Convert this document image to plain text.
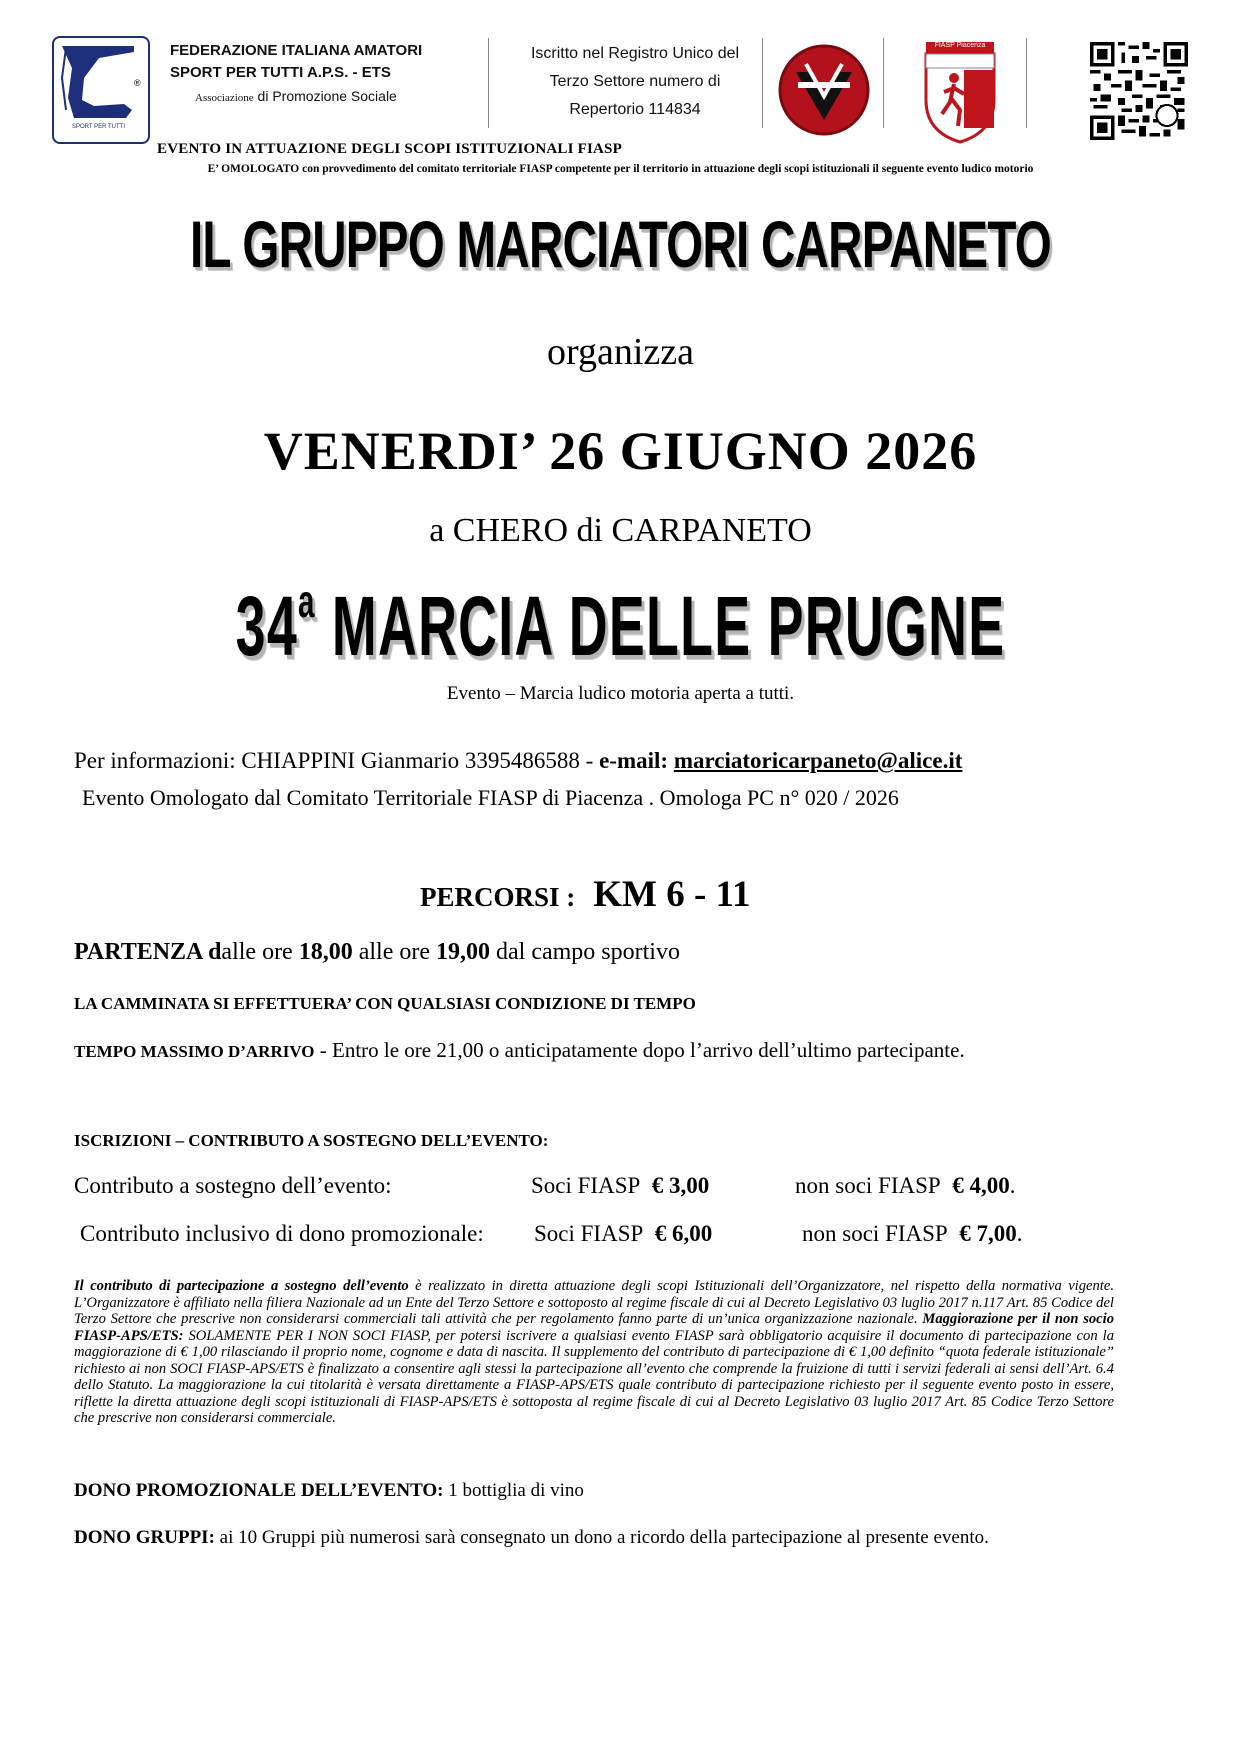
FIASP
SPORT PER TUTTI
®
FEDERAZIONE ITALIANA AMATORI
SPORT PER TUTTI A.P.S. - ETS
Associazione di Promozione Sociale
Iscritto nel Registro Unico del
Terzo Settore numero di
Repertorio 114834
FIASP Piacenza
EVENTO IN ATTUAZIONE DEGLI SCOPI ISTITUZIONALI FIASP
E’ OMOLOGATO con provvedimento del comitato territoriale FIASP competente per il territorio in attuazione degli scopi istituzionali il seguente evento ludico motorio
IL GRUPPO MARCIATORI CARPANETO
organizza
VENERDI’ 26 GIUGNO 2026
a CHERO di CARPANETO
34$^a$ MARCIA DELLE PRUGNE
Evento – Marcia ludico motoria aperta a tutti.
Per informazioni: CHIAPPINI Gianmario 3395486588 - e-mail: marciatoricarpaneto@alice.it
Evento Omologato dal Comitato Territoriale FIASP di Piacenza . Omologa PC n° 020 / 2026
PERCORSI : KM 6 - 11
PARTENZA dalle ore 18,00 alle ore 19,00 dal campo sportivo
LA CAMMINATA SI EFFETTUERA’ CON QUALSIASI CONDIZIONE DI TEMPO
TEMPO MASSIMO D’ARRIVO - Entro le ore 21,00 o anticipatamente dopo l’arrivo dell’ultimo partecipante.
ISCRIZIONI – CONTRIBUTO A SOSTEGNO DELL’EVENTO:
Contributo a sostegno dell’evento:	Soci FIASP € 3,00	non soci FIASP € 4,00.
Contributo inclusivo di dono promozionale: Soci FIASP € 6,00	non soci FIASP € 7,00.
Il contributo di partecipazione a sostegno dell’evento è realizzato in diretta attuazione degli scopi Istituzionali dell’Organizzatore, nel rispetto della normativa vigente. L’Organizzatore è affiliato nella filiera Nazionale ad un Ente del Terzo Settore e sottoposto al regime fiscale di cui al Decreto Legislativo 03 luglio 2017 n.117 Art. 85 Codice del Terzo Settore che prescrive non considerarsi commerciali tali attività che per regolamento fanno parte di un’unica organizzazione nazionale. Maggiorazione per il non socio FIASP-APS/ETS: SOLAMENTE PER I NON SOCI FIASP, per potersi iscrivere a qualsiasi evento FIASP sarà obbligatorio acquisire il documento di partecipazione con la maggiorazione di € 1,00 rilasciando il proprio nome, cognome e data di nascita. Il supplemento del contributo di partecipazione di € 1,00 definito “quota federale istituzionale” richiesto ai non SOCI FIASP-APS/ETS è finalizzato a consentire agli stessi la partecipazione all’evento che comprende la fruizione di tutti i servizi federali ai sensi dell’Art. 6.4 dello Statuto. La maggiorazione la cui titolarità è versata direttamente a FIASP-APS/ETS quale contributo di partecipazione richiesto per il seguente evento posto in essere, riflette la diretta attuazione degli scopi istituzionali di FIASP-APS/ETS è sottoposta al regime fiscale di cui al Decreto Legislativo 03 luglio 2017 Art. 85 Codice Terzo Settore che prescrive non considerarsi commerciale.
DONO PROMOZIONALE DELL’EVENTO: 1 bottiglia di vino
DONO GRUPPI: ai 10 Gruppi più numerosi sarà consegnato un dono a ricordo della partecipazione al presente evento.
